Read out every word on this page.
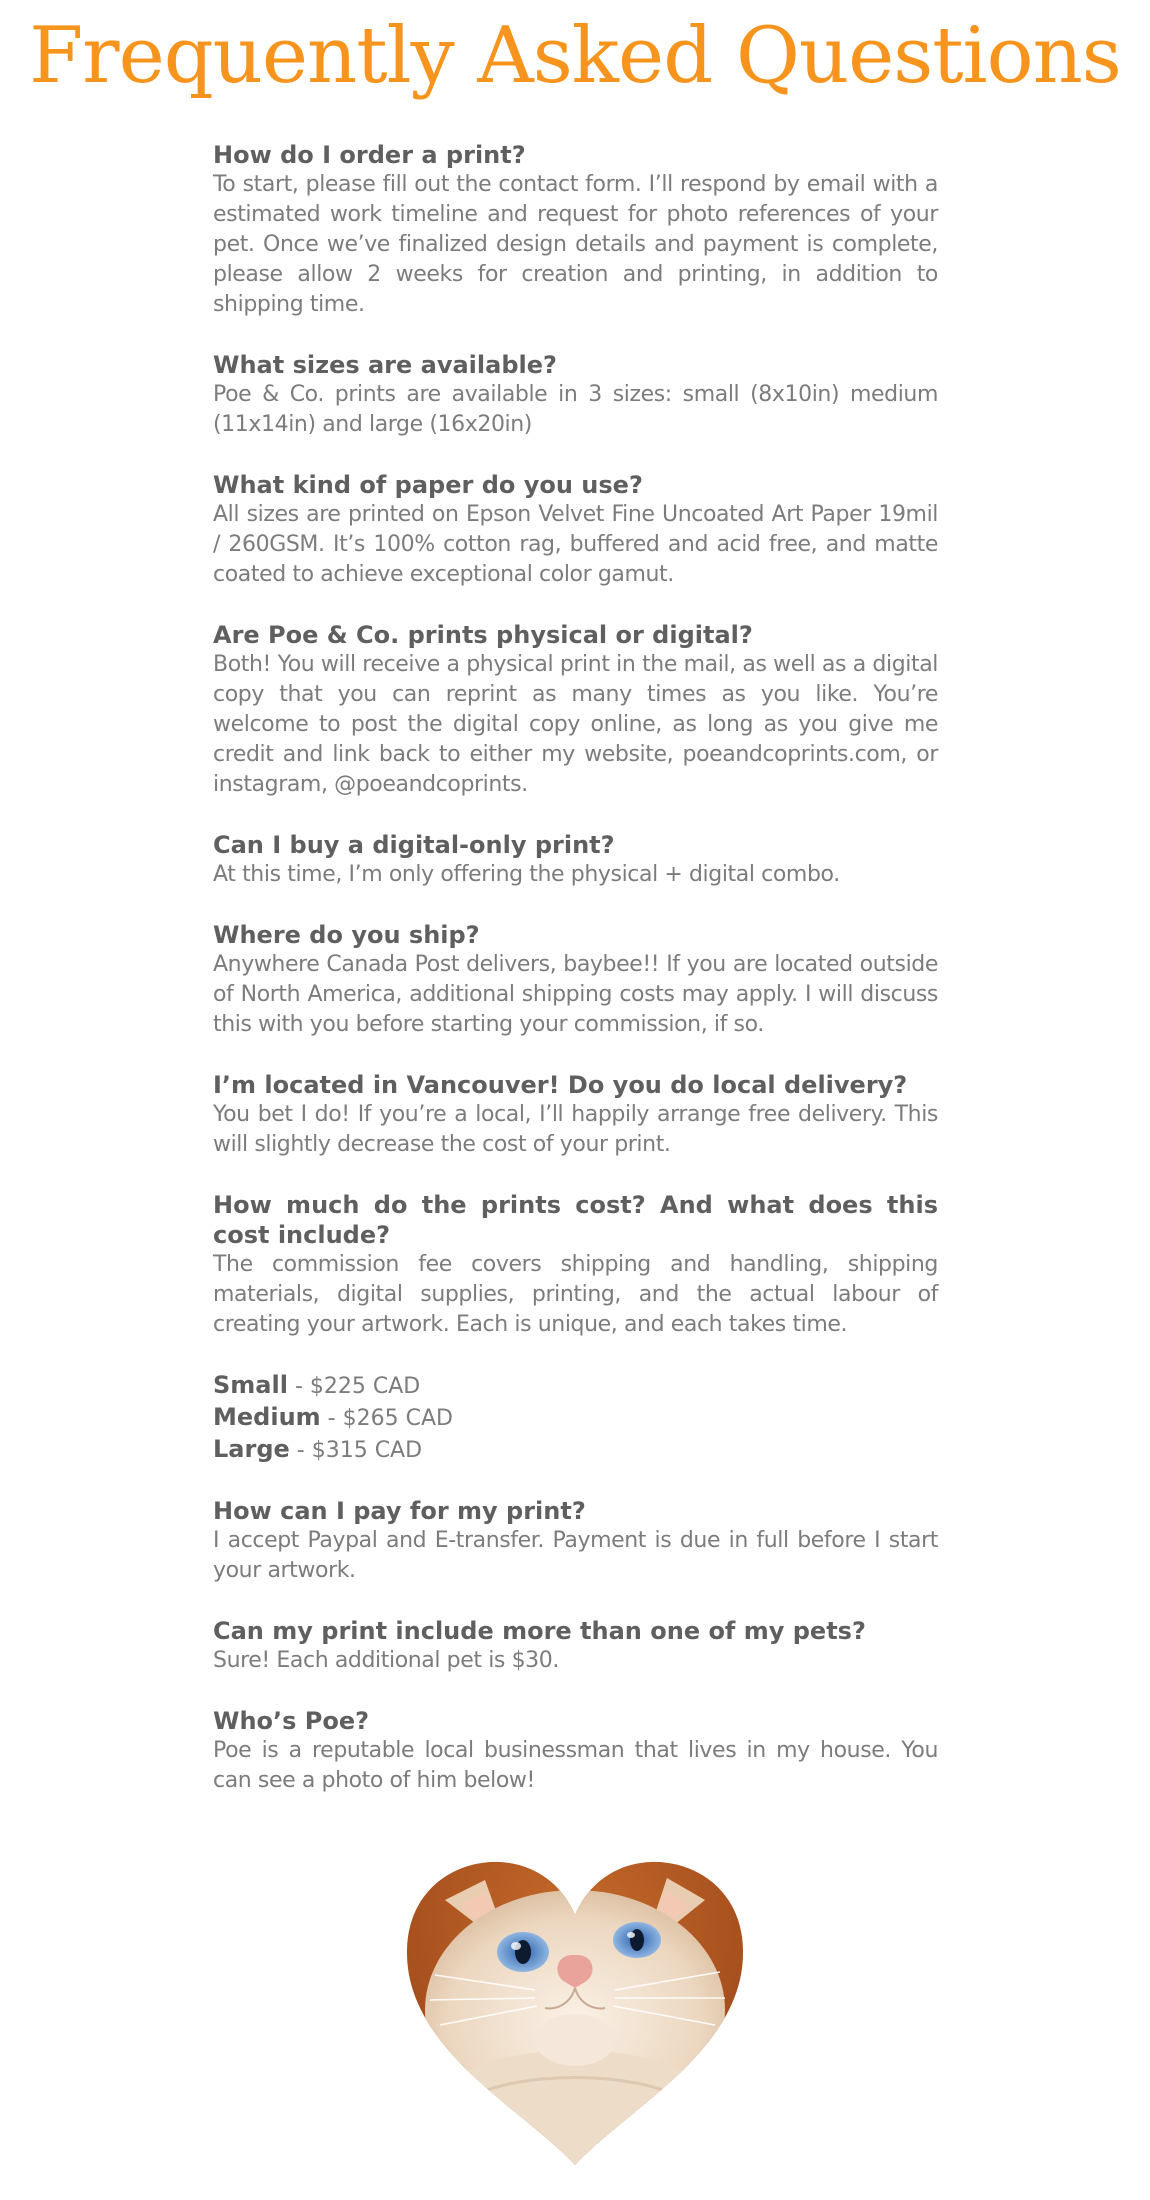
Frequently Asked Questions

How do I order a print?

To start, please fill out the contact form. I’ll respond by email with a estimated work timeline and request for photo references of your pet. Once we’ve finalized design details and payment is complete, please allow 2 weeks for creation and printing, in addition to shipping time.

What sizes are available?

Poe & Co. prints are available in 3 sizes: small (8x10in) medium (11x14in) and large (16x20in)

What kind of paper do you use?

All sizes are printed on Epson Velvet Fine Uncoated Art Paper 19mil / 260GSM. It’s 100% cotton rag, buffered and acid free, and matte coated to achieve exceptional color gamut.

Are Poe & Co. prints physical or digital?

Both! You will receive a physical print in the mail, as well as a digital copy that you can reprint as many times as you like. You’re welcome to post the digital copy online, as long as you give me credit and link back to either my website, poeandcoprints.com, or instagram, @poeandcoprints.

Can I buy a digital-only print?

At this time, I’m only offering the physical + digital combo.

Where do you ship?

Anywhere Canada Post delivers, baybee!! If you are located outside of North America, additional shipping costs may apply. I will discuss this with you before starting your commission, if so.

I’m located in Vancouver! Do you do local delivery?

You bet I do! If you’re a local, I’ll happily arrange free delivery. This will slightly decrease the cost of your print.

How much do the prints cost? And what does this cost include?

The commission fee covers shipping and handling, shipping materials, digital supplies, printing, and the actual labour of creating your artwork. Each is unique, and each takes time.

Small - $225 CAD

Medium - $265 CAD

Large - $315 CAD

How can I pay for my print?

I accept Paypal and E-transfer. Payment is due in full before I start your artwork.

Can my print include more than one of my pets?

Sure! Each additional pet is $30.

Who’s Poe?

Poe is a reputable local businessman that lives in my house. You can see a photo of him below!
